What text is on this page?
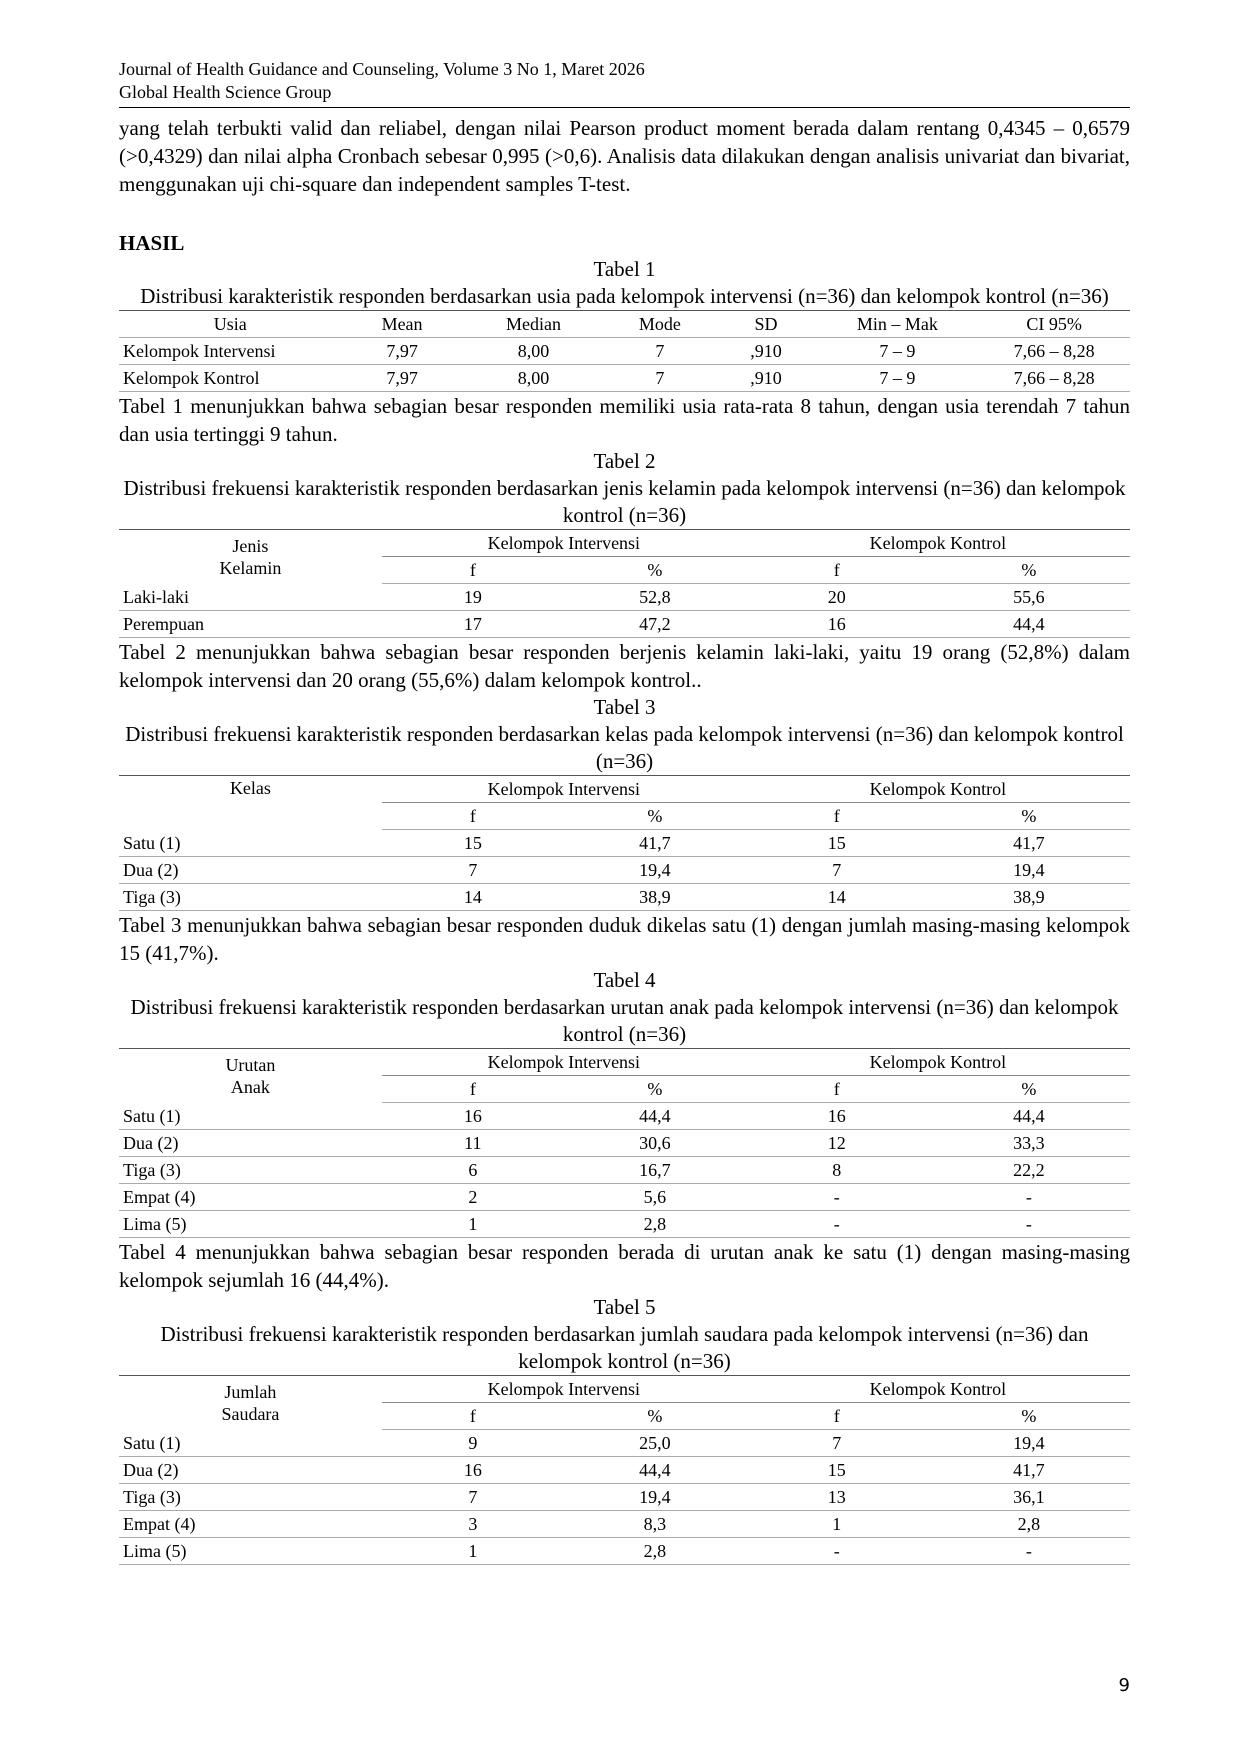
Journal of Health Guidance and Counseling, Volume 3 No 1, Maret 2026
Global Health Science Group

yang telah terbukti valid dan reliabel, dengan nilai Pearson product moment berada dalam rentang 0,4345 – 0,6579 (>0,4329) dan nilai alpha Cronbach sebesar 0,995 (>0,6). Analisis data dilakukan dengan analisis univariat dan bivariat, menggunakan uji chi-square dan independent samples T-test.

HASIL
Tabel 1
Distribusi karakteristik responden berdasarkan usia pada kelompok intervensi (n=36) dan kelompok kontrol (n=36)
Usia	Mean	Median	Mode	SD	Min – Mak	CI 95%
Kelompok Intervensi	7,97	8,00	7	,910	7 – 9	7,66 – 8,28
Kelompok Kontrol	7,97	8,00	7	,910	7 – 9	7,66 – 8,28

Tabel 1 menunjukkan bahwa sebagian besar responden memiliki usia rata-rata 8 tahun, dengan usia terendah 7 tahun dan usia tertinggi 9 tahun.

Tabel 2
Distribusi frekuensi karakteristik responden berdasarkan jenis kelamin pada kelompok intervensi (n=36) dan kelompok kontrol (n=36)
Jenis
Kelamin	Kelompok Intervensi		Kelompok Kontrol	
	f	%	f	%
Laki-laki	19	52,8	20	55,6
Perempuan	17	47,2	16	44,4

Tabel 2 menunjukkan bahwa sebagian besar responden berjenis kelamin laki-laki, yaitu 19 orang (52,8%) dalam kelompok intervensi dan 20 orang (55,6%) dalam kelompok kontrol..

Tabel 3
Distribusi frekuensi karakteristik responden berdasarkan kelas pada kelompok intervensi (n=36) dan kelompok kontrol (n=36)
Kelas	Kelompok Intervensi		Kelompok Kontrol	
	f	%	f	%
Satu (1)	15	41,7	15	41,7
Dua (2)	7	19,4	7	19,4
Tiga (3)	14	38,9	14	38,9

Tabel 3 menunjukkan bahwa sebagian besar responden duduk dikelas satu (1) dengan jumlah masing-masing kelompok 15 (41,7%).

Tabel 4
Distribusi frekuensi karakteristik responden berdasarkan urutan anak pada kelompok intervensi (n=36) dan kelompok kontrol (n=36)
Urutan
Anak	Kelompok Intervensi		Kelompok Kontrol	
	f	%	f	%
Satu (1)	16	44,4	16	44,4
Dua (2)	11	30,6	12	33,3
Tiga (3)	6	16,7	8	22,2
Empat (4)	2	5,6	-	-
Lima (5)	1	2,8	-	-

Tabel 4 menunjukkan bahwa sebagian besar responden berada di urutan anak ke satu (1) dengan masing-masing kelompok sejumlah 16 (44,4%).

Tabel 5
Distribusi frekuensi karakteristik responden berdasarkan jumlah saudara pada kelompok intervensi (n=36) dan kelompok kontrol (n=36)
Jumlah
Saudara	Kelompok Intervensi		Kelompok Kontrol	
	f	%	f	%
Satu (1)	9	25,0	7	19,4
Dua (2)	16	44,4	15	41,7
Tiga (3)	7	19,4	13	36,1
Empat (4)	3	8,3	1	2,8
Lima (5)	1	2,8	-	-
9
